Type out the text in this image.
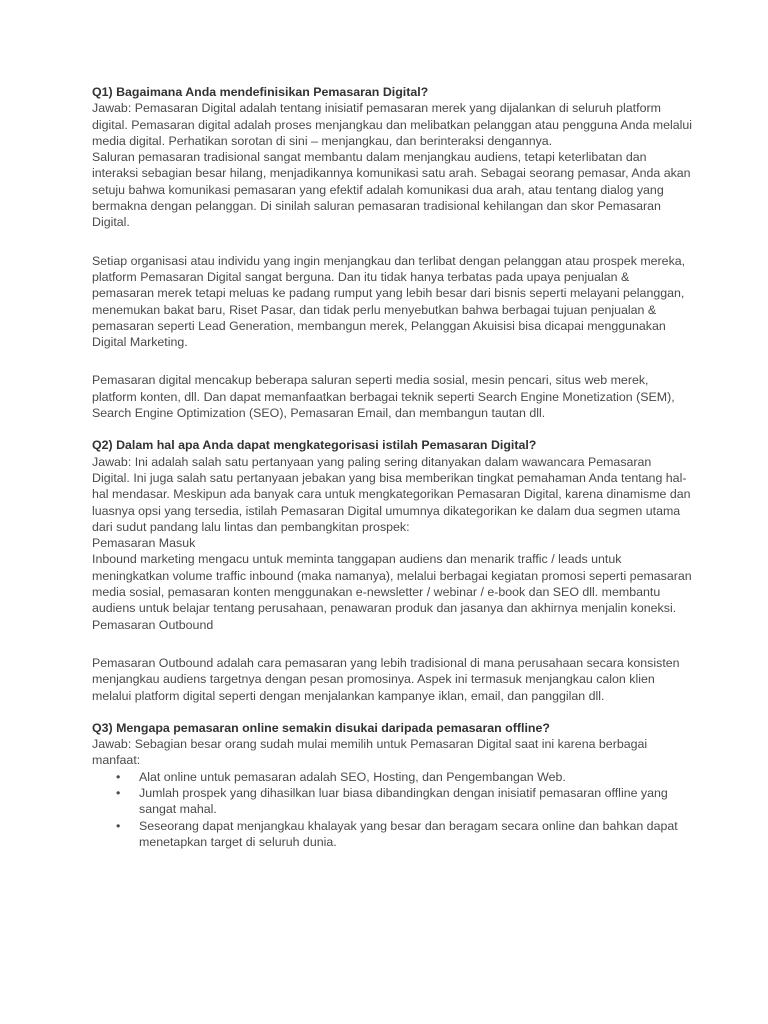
Q1) Bagaimana Anda mendefinisikan Pemasaran Digital?

Jawab: Pemasaran Digital adalah tentang inisiatif pemasaran merek yang dijalankan di seluruh platform digital. Pemasaran digital adalah proses menjangkau dan melibatkan pelanggan atau pengguna Anda melalui media digital. Perhatikan sorotan di sini – menjangkau, dan berinteraksi dengannya.

Saluran pemasaran tradisional sangat membantu dalam menjangkau audiens, tetapi keterlibatan dan interaksi sebagian besar hilang, menjadikannya komunikasi satu arah. Sebagai seorang pemasar, Anda akan setuju bahwa komunikasi pemasaran yang efektif adalah komunikasi dua arah, atau tentang dialog yang bermakna dengan pelanggan. Di sinilah saluran pemasaran tradisional kehilangan dan skor Pemasaran Digital.

Setiap organisasi atau individu yang ingin menjangkau dan terlibat dengan pelanggan atau prospek mereka, platform Pemasaran Digital sangat berguna. Dan itu tidak hanya terbatas pada upaya penjualan & pemasaran merek tetapi meluas ke padang rumput yang lebih besar dari bisnis seperti melayani pelanggan, menemukan bakat baru, Riset Pasar, dan tidak perlu menyebutkan bahwa berbagai tujuan penjualan & pemasaran seperti Lead Generation, membangun merek, Pelanggan Akuisisi bisa dicapai menggunakan Digital Marketing.

Pemasaran digital mencakup beberapa saluran seperti media sosial, mesin pencari, situs web merek, platform konten, dll. Dan dapat memanfaatkan berbagai teknik seperti Search Engine Monetization (SEM), Search Engine Optimization (SEO), Pemasaran Email, dan membangun tautan dll.

Q2) Dalam hal apa Anda dapat mengkategorisasi istilah Pemasaran Digital?

Jawab: Ini adalah salah satu pertanyaan yang paling sering ditanyakan dalam wawancara Pemasaran Digital. Ini juga salah satu pertanyaan jebakan yang bisa memberikan tingkat pemahaman Anda tentang hal-hal mendasar. Meskipun ada banyak cara untuk mengkategorikan Pemasaran Digital, karena dinamisme dan luasnya opsi yang tersedia, istilah Pemasaran Digital umumnya dikategorikan ke dalam dua segmen utama dari sudut pandang lalu lintas dan pembangkitan prospek:

Pemasaran Masuk

Inbound marketing mengacu untuk meminta tanggapan audiens dan menarik traffic / leads untuk meningkatkan volume traffic inbound (maka namanya), melalui berbagai kegiatan promosi seperti pemasaran media sosial, pemasaran konten menggunakan e-newsletter / webinar / e-book dan SEO dll. membantu audiens untuk belajar tentang perusahaan, penawaran produk dan jasanya dan akhirnya menjalin koneksi.

Pemasaran Outbound

Pemasaran Outbound adalah cara pemasaran yang lebih tradisional di mana perusahaan secara konsisten menjangkau audiens targetnya dengan pesan promosinya. Aspek ini termasuk menjangkau calon klien melalui platform digital seperti dengan menjalankan kampanye iklan, email, dan panggilan dll.

Q3) Mengapa pemasaran online semakin disukai daripada pemasaran offline?

Jawab: Sebagian besar orang sudah mulai memilih untuk Pemasaran Digital saat ini karena berbagai manfaat:

• Alat online untuk pemasaran adalah SEO, Hosting, dan Pengembangan Web.
• Jumlah prospek yang dihasilkan luar biasa dibandingkan dengan inisiatif pemasaran offline yang sangat mahal.
• Seseorang dapat menjangkau khalayak yang besar dan beragam secara online dan bahkan dapat menetapkan target di seluruh dunia.
